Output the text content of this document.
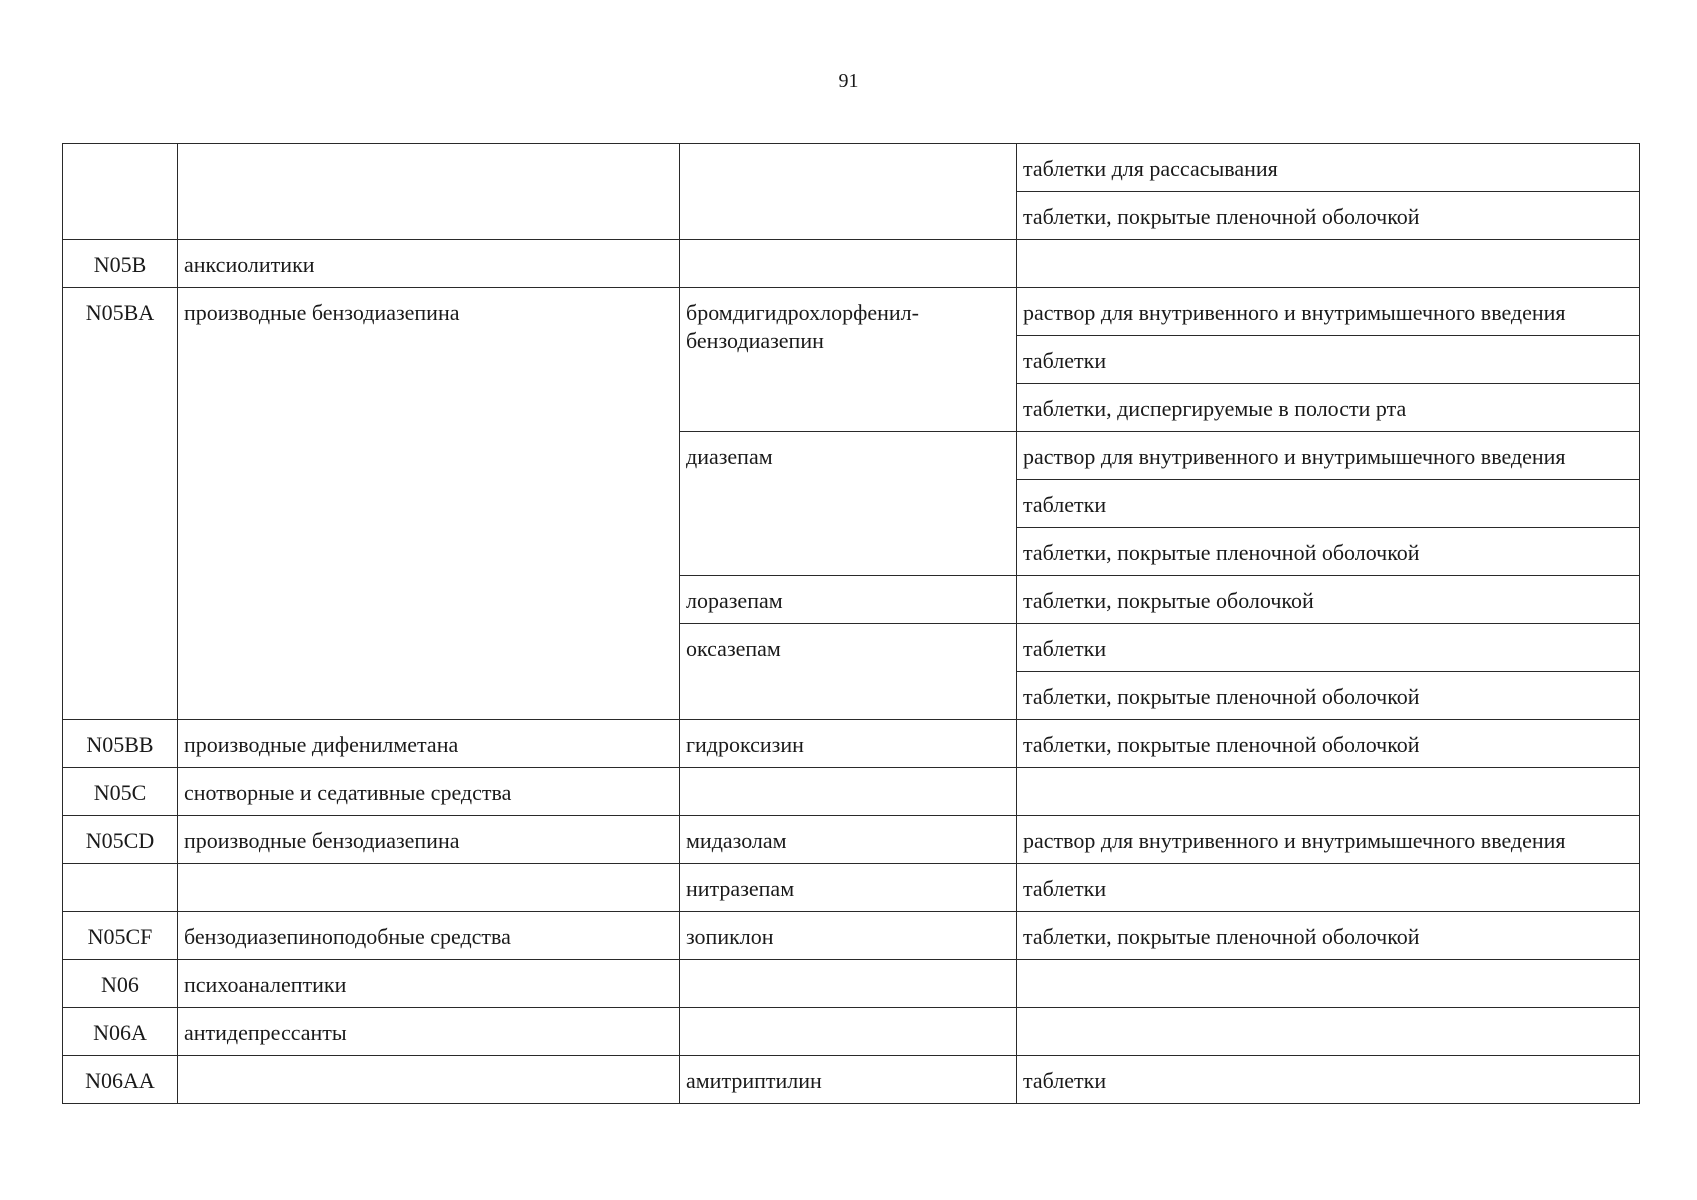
91

			таблетки для рассасывания

			таблетки, покрытые пленочной оболочкой

N05B	анксиолитики		

N05BA	производные бензодиазепина	бромдигидрохлорфенил-бензодиазепин	раствор для внутривенного и внутримышечного введения

			таблетки

			таблетки, диспергируемые в полости рта

		диазепам	раствор для внутривенного и внутримышечного введения

			таблетки

			таблетки, покрытые пленочной оболочкой

		лоразепам	таблетки, покрытые оболочкой

		оксазепам	таблетки

			таблетки, покрытые пленочной оболочкой

N05BB	производные дифенилметана	гидроксизин	таблетки, покрытые пленочной оболочкой

N05C	снотворные и седативные средства		

N05CD	производные бензодиазепина	мидазолам	раствор для внутривенного и внутримышечного введения

		нитразепам	таблетки

N05CF	бензодиазепиноподобные средства	зопиклон	таблетки, покрытые пленочной оболочкой

N06	психоаналептики		

N06A	антидепрессанты		

N06AA		амитриптилин	таблетки
